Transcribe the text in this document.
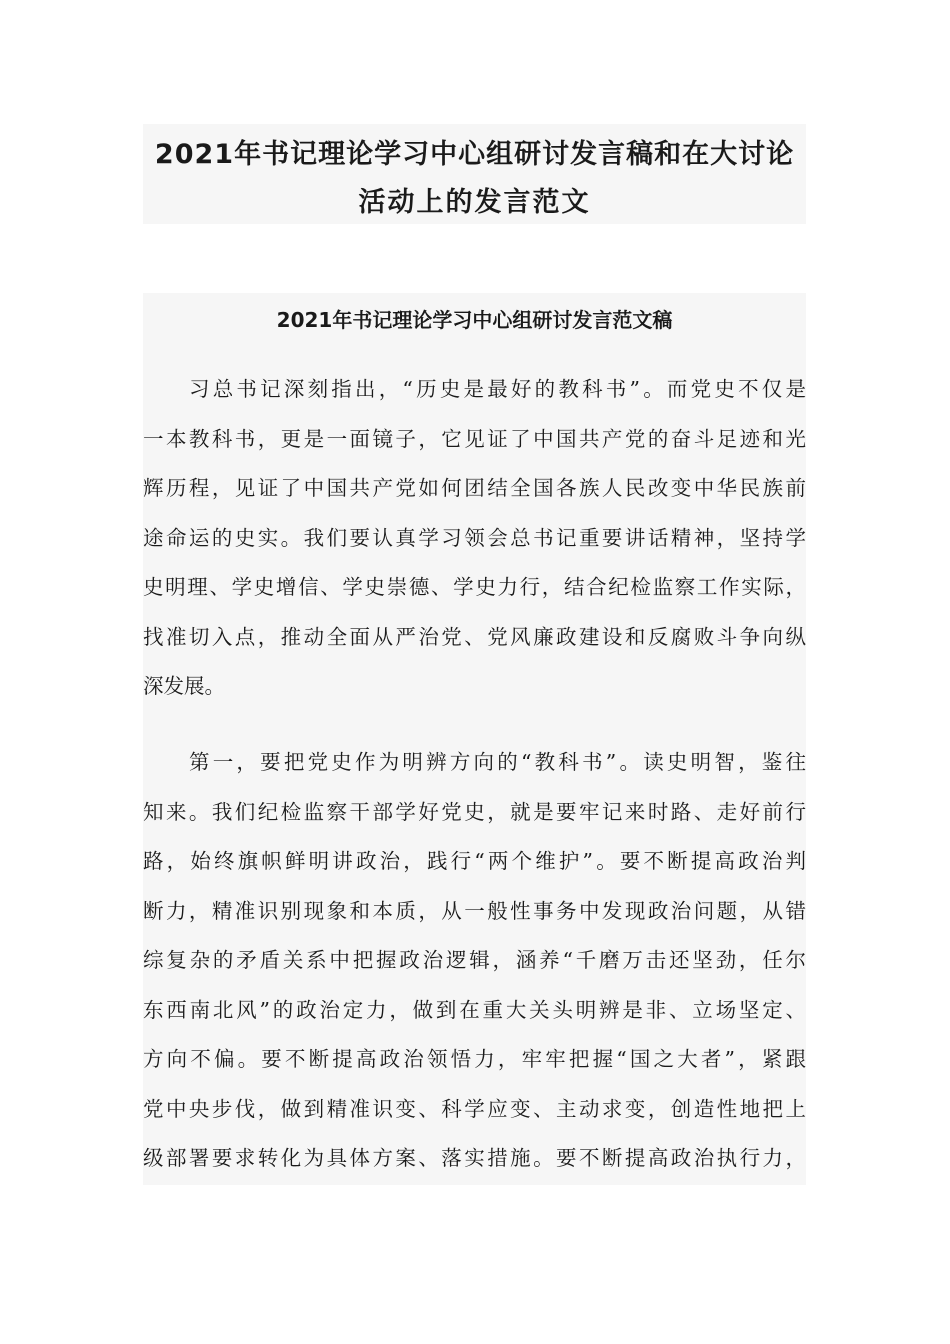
2021年书记理论学习中心组研讨发言稿和在大讨论
活动上的发言范文
2021年书记理论学习中心组研讨发言范文稿
习总书记深刻指出，“历史是最好的教科书”。而党史不仅是
一本教科书，更是一面镜子，它见证了中国共产党的奋斗足迹和光
辉历程，见证了中国共产党如何团结全国各族人民改变中华民族前
途命运的史实。我们要认真学习领会总书记重要讲话精神，坚持学
史明理、学史增信、学史崇德、学史力行，结合纪检监察工作实际，
找准切入点，推动全面从严治党、党风廉政建设和反腐败斗争向纵
深发展。
第一，要把党史作为明辨方向的“教科书”。读史明智，鉴往
知来。我们纪检监察干部学好党史，就是要牢记来时路、走好前行
路，始终旗帜鲜明讲政治，践行“两个维护”。要不断提高政治判
断力，精准识别现象和本质，从一般性事务中发现政治问题，从错
综复杂的矛盾关系中把握政治逻辑，涵养“千磨万击还坚劲，任尔
东西南北风”的政治定力，做到在重大关头明辨是非、立场坚定、
方向不偏。要不断提高政治领悟力，牢牢把握“国之大者”，紧跟
党中央步伐，做到精准识变、科学应变、主动求变，创造性地把上
级部署要求转化为具体方案、落实措施。要不断提高政治执行力，
